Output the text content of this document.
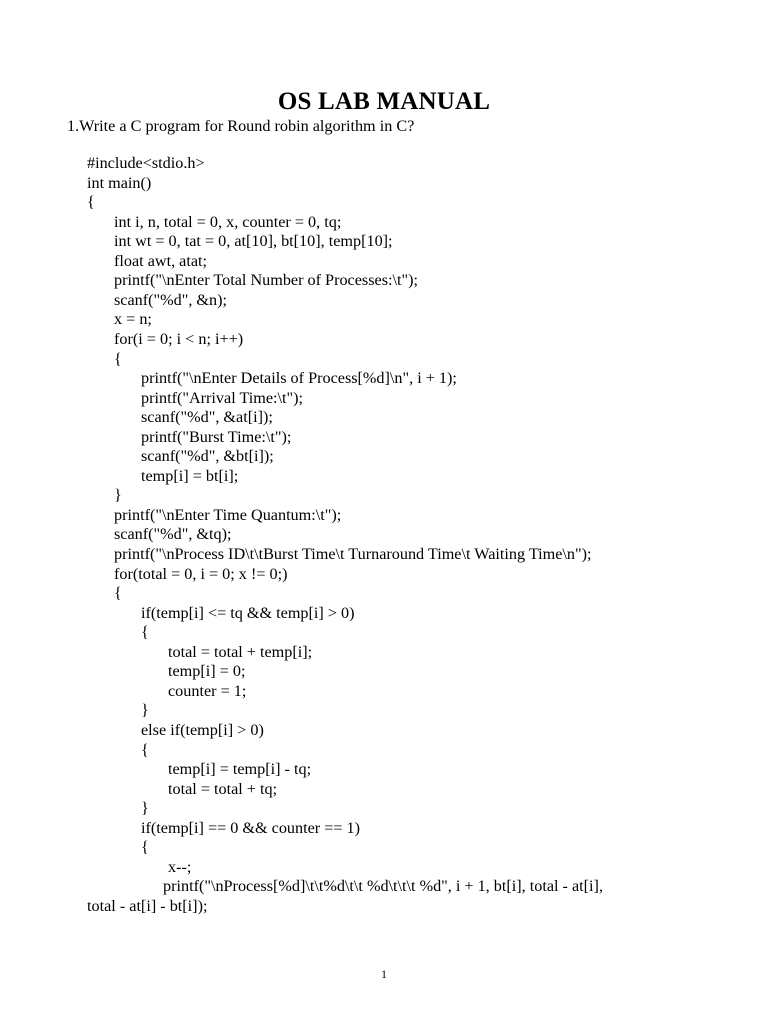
OS LAB MANUAL
1.Write a C program for Round robin algorithm in C?
#include<stdio.h>
int main()
{
int i, n, total = 0, x, counter = 0, tq;
int wt = 0, tat = 0, at[10], bt[10], temp[10];
float awt, atat;
printf("\nEnter Total Number of Processes:\t");
scanf("%d", &n);
x = n;
for(i = 0; i < n; i++)
{
printf("\nEnter Details of Process[%d]\n", i + 1);
printf("Arrival Time:\t");
scanf("%d", &at[i]);
printf("Burst Time:\t");
scanf("%d", &bt[i]);
temp[i] = bt[i];
}
printf("\nEnter Time Quantum:\t");
scanf("%d", &tq);
printf("\nProcess ID\t\tBurst Time\t Turnaround Time\t Waiting Time\n");
for(total = 0, i = 0; x != 0;)
{
if(temp[i] <= tq && temp[i] > 0)
{
total = total + temp[i];
temp[i] = 0;
counter = 1;
}
else if(temp[i] > 0)
{
temp[i] = temp[i] - tq;
total = total + tq;
}
if(temp[i] == 0 && counter == 1)
{
x--;
printf("\nProcess[%d]\t\t%d\t\t %d\t\t\t %d", i + 1, bt[i], total - at[i],
total - at[i] - bt[i]);
1
